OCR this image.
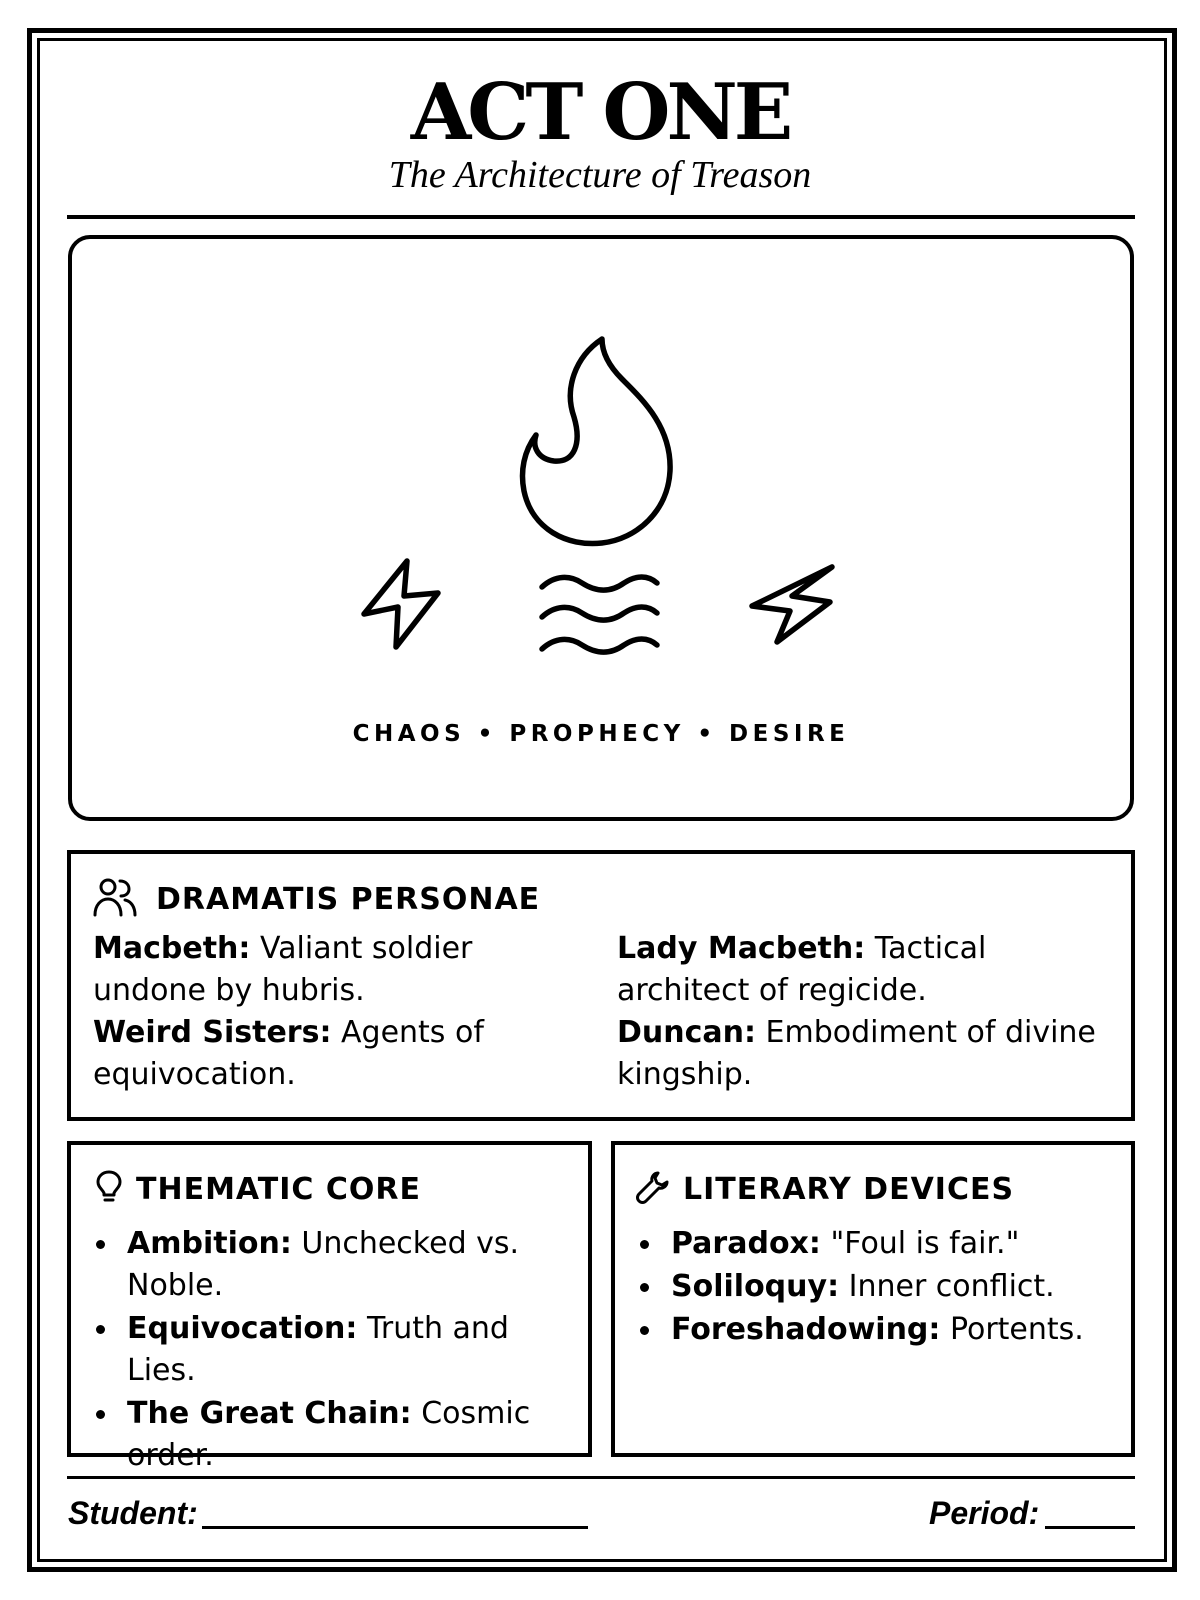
ACT ONE
The Architecture of Treason
CHAOS • PROPHECY • DESIRE
DRAMATIS PERSONAE
Macbeth: Valiant soldier undone by hubris.
Lady Macbeth: Tactical architect of regicide.
Weird Sisters: Agents of equivocation.
Duncan: Embodiment of divine kingship.
THEMATIC CORE
Ambition: Unchecked vs. Noble.
Equivocation: Truth and Lies.
The Great Chain: Cosmic order.
LITERARY DEVICES
Paradox: "Foul is fair."
Soliloquy: Inner conflict.
Foreshadowing: Portents.
Student:	Period:
